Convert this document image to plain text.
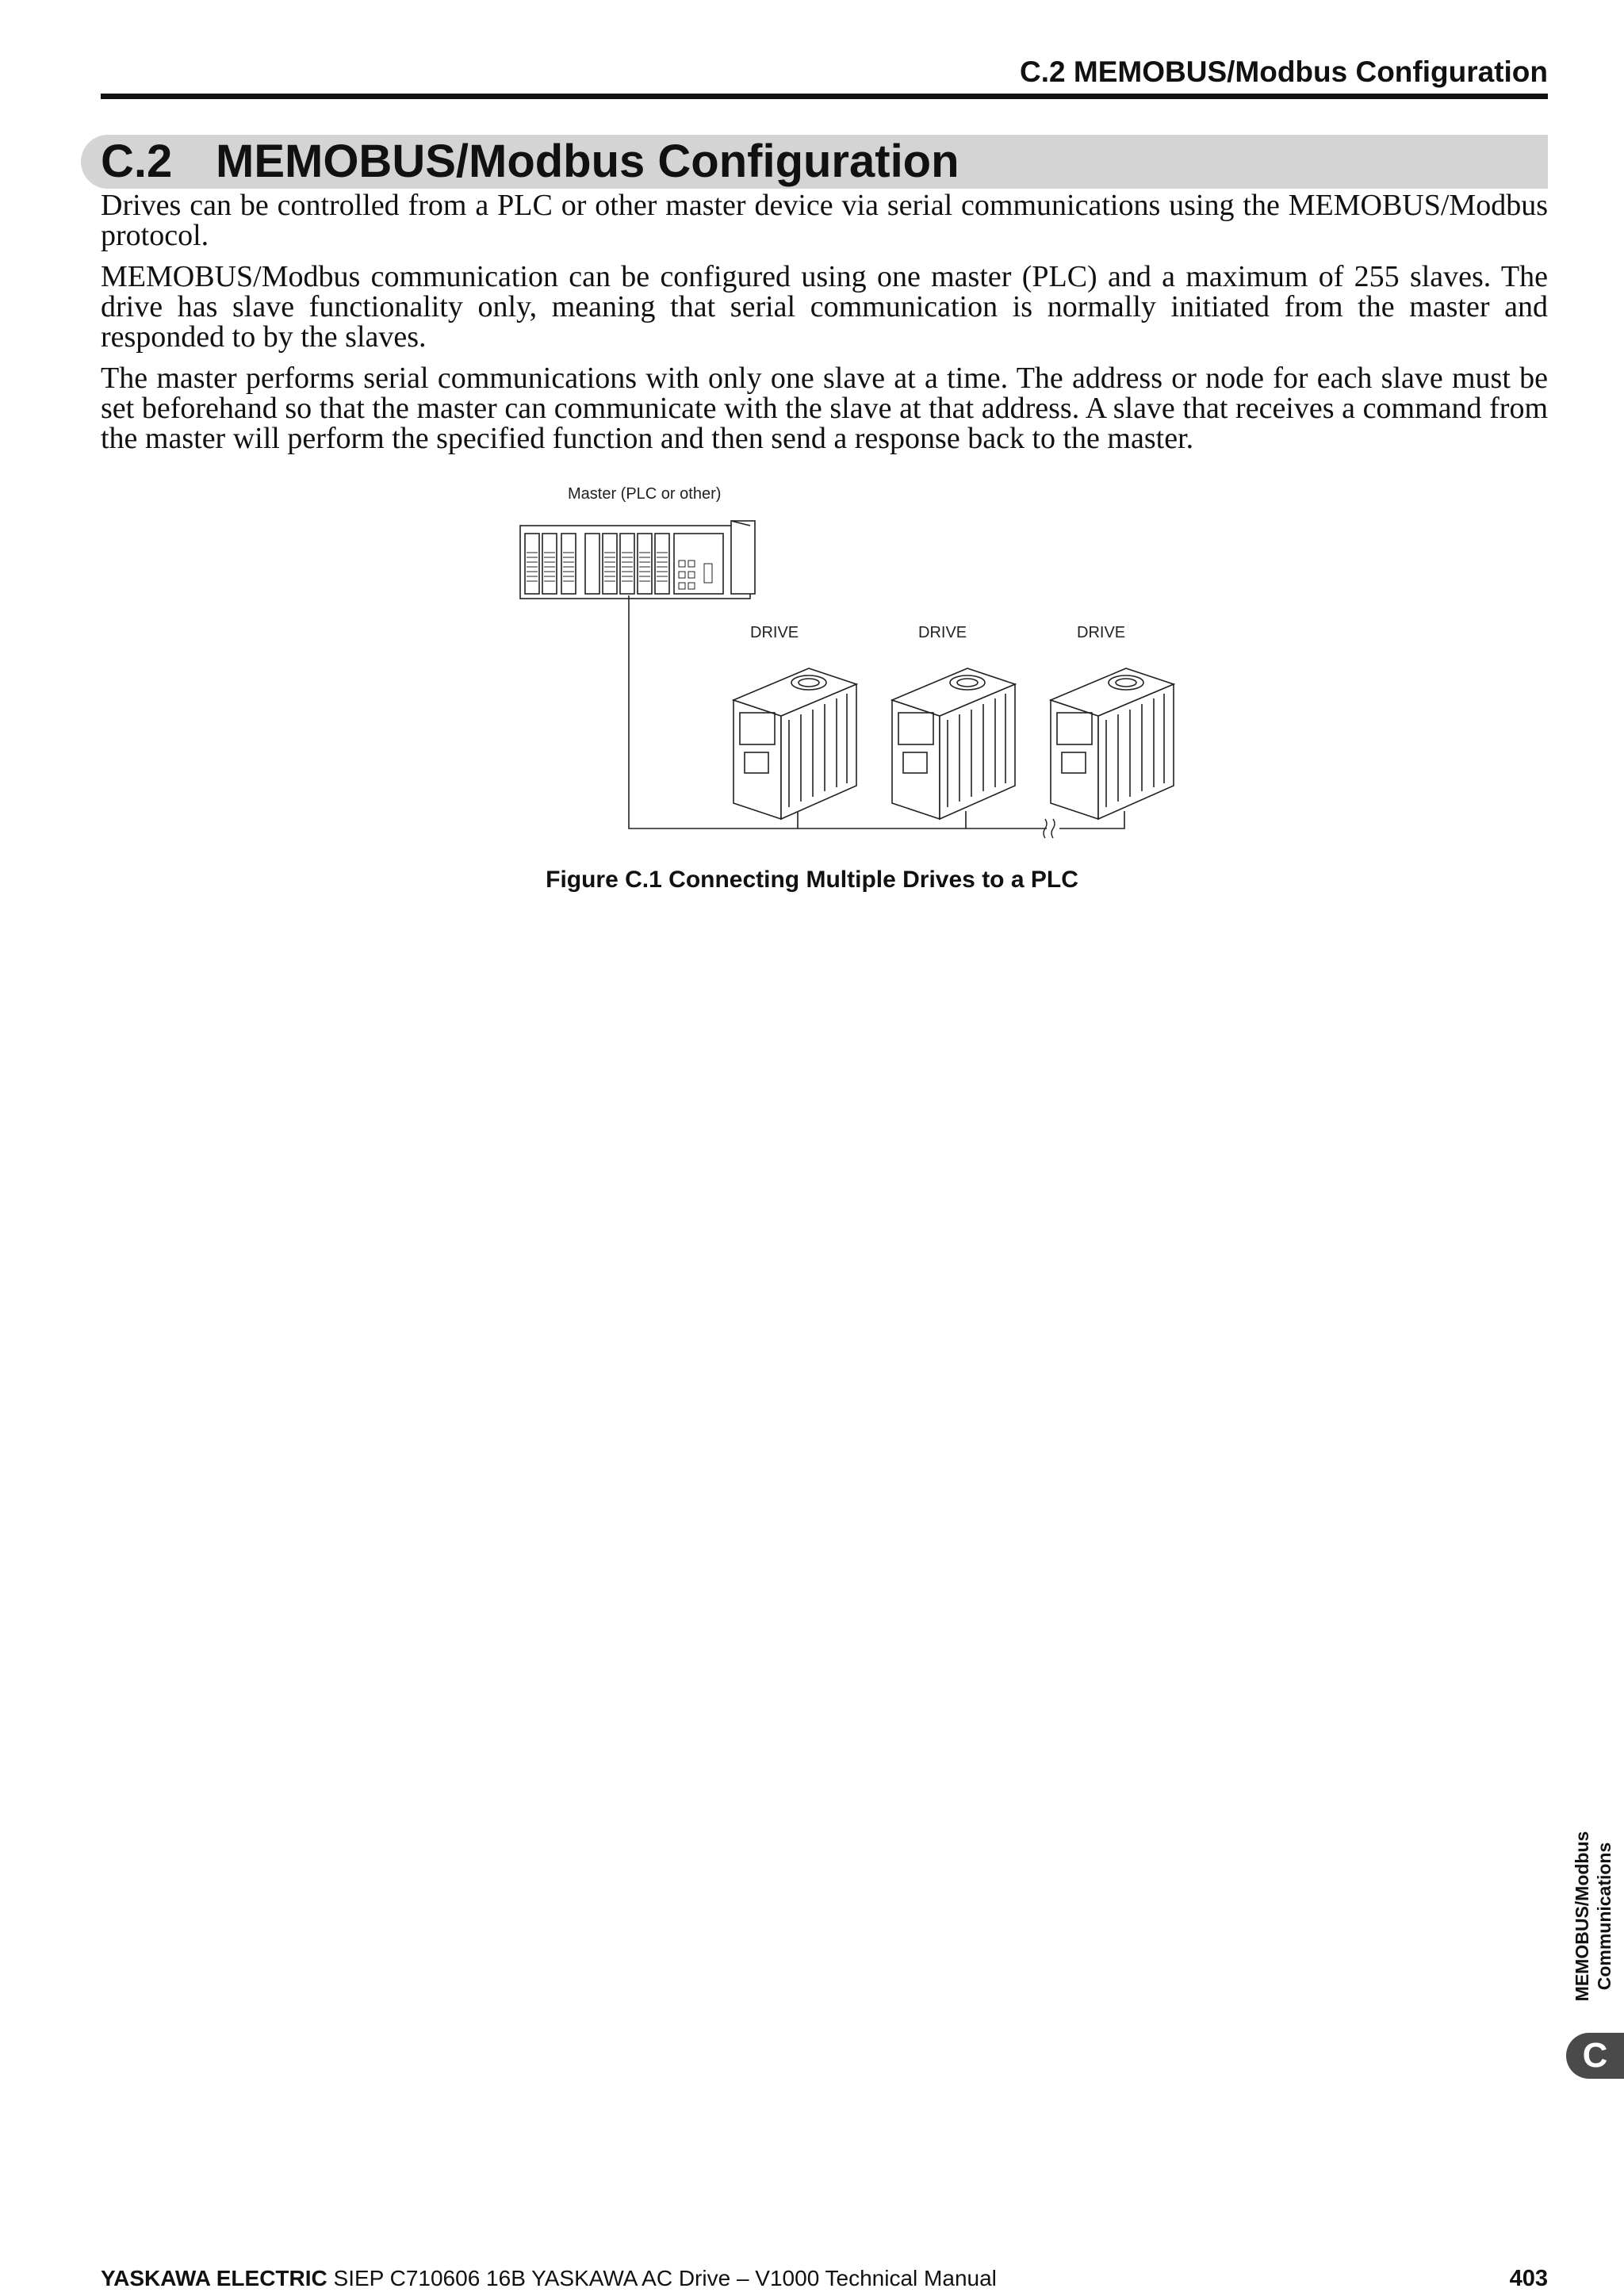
C.2 MEMOBUS/Modbus Configuration
C.2 MEMOBUS/Modbus Configuration

Drives can be controlled from a PLC or other master device via serial communications using the MEMOBUS/Modbus protocol.

MEMOBUS/Modbus communication can be configured using one master (PLC) and a maximum of 255 slaves. The drive has slave functionality only, meaning that serial communication is normally initiated from the master and responded to by the slaves.

The master performs serial communications with only one slave at a time. The address or node for each slave must be set beforehand so that the master can communicate with the slave at that address. A slave that receives a command from the master will perform the specified function and then send a response back to the master.

Master (PLC or other)
DRIVE	DRIVE	DRIVE
Figure C.1 Connecting Multiple Drives to a PLC
MEMOBUS/Modbus
Communications
C
YASKAWA ELECTRIC SIEP C710606 16B YASKAWA AC Drive – V1000 Technical Manual	403
